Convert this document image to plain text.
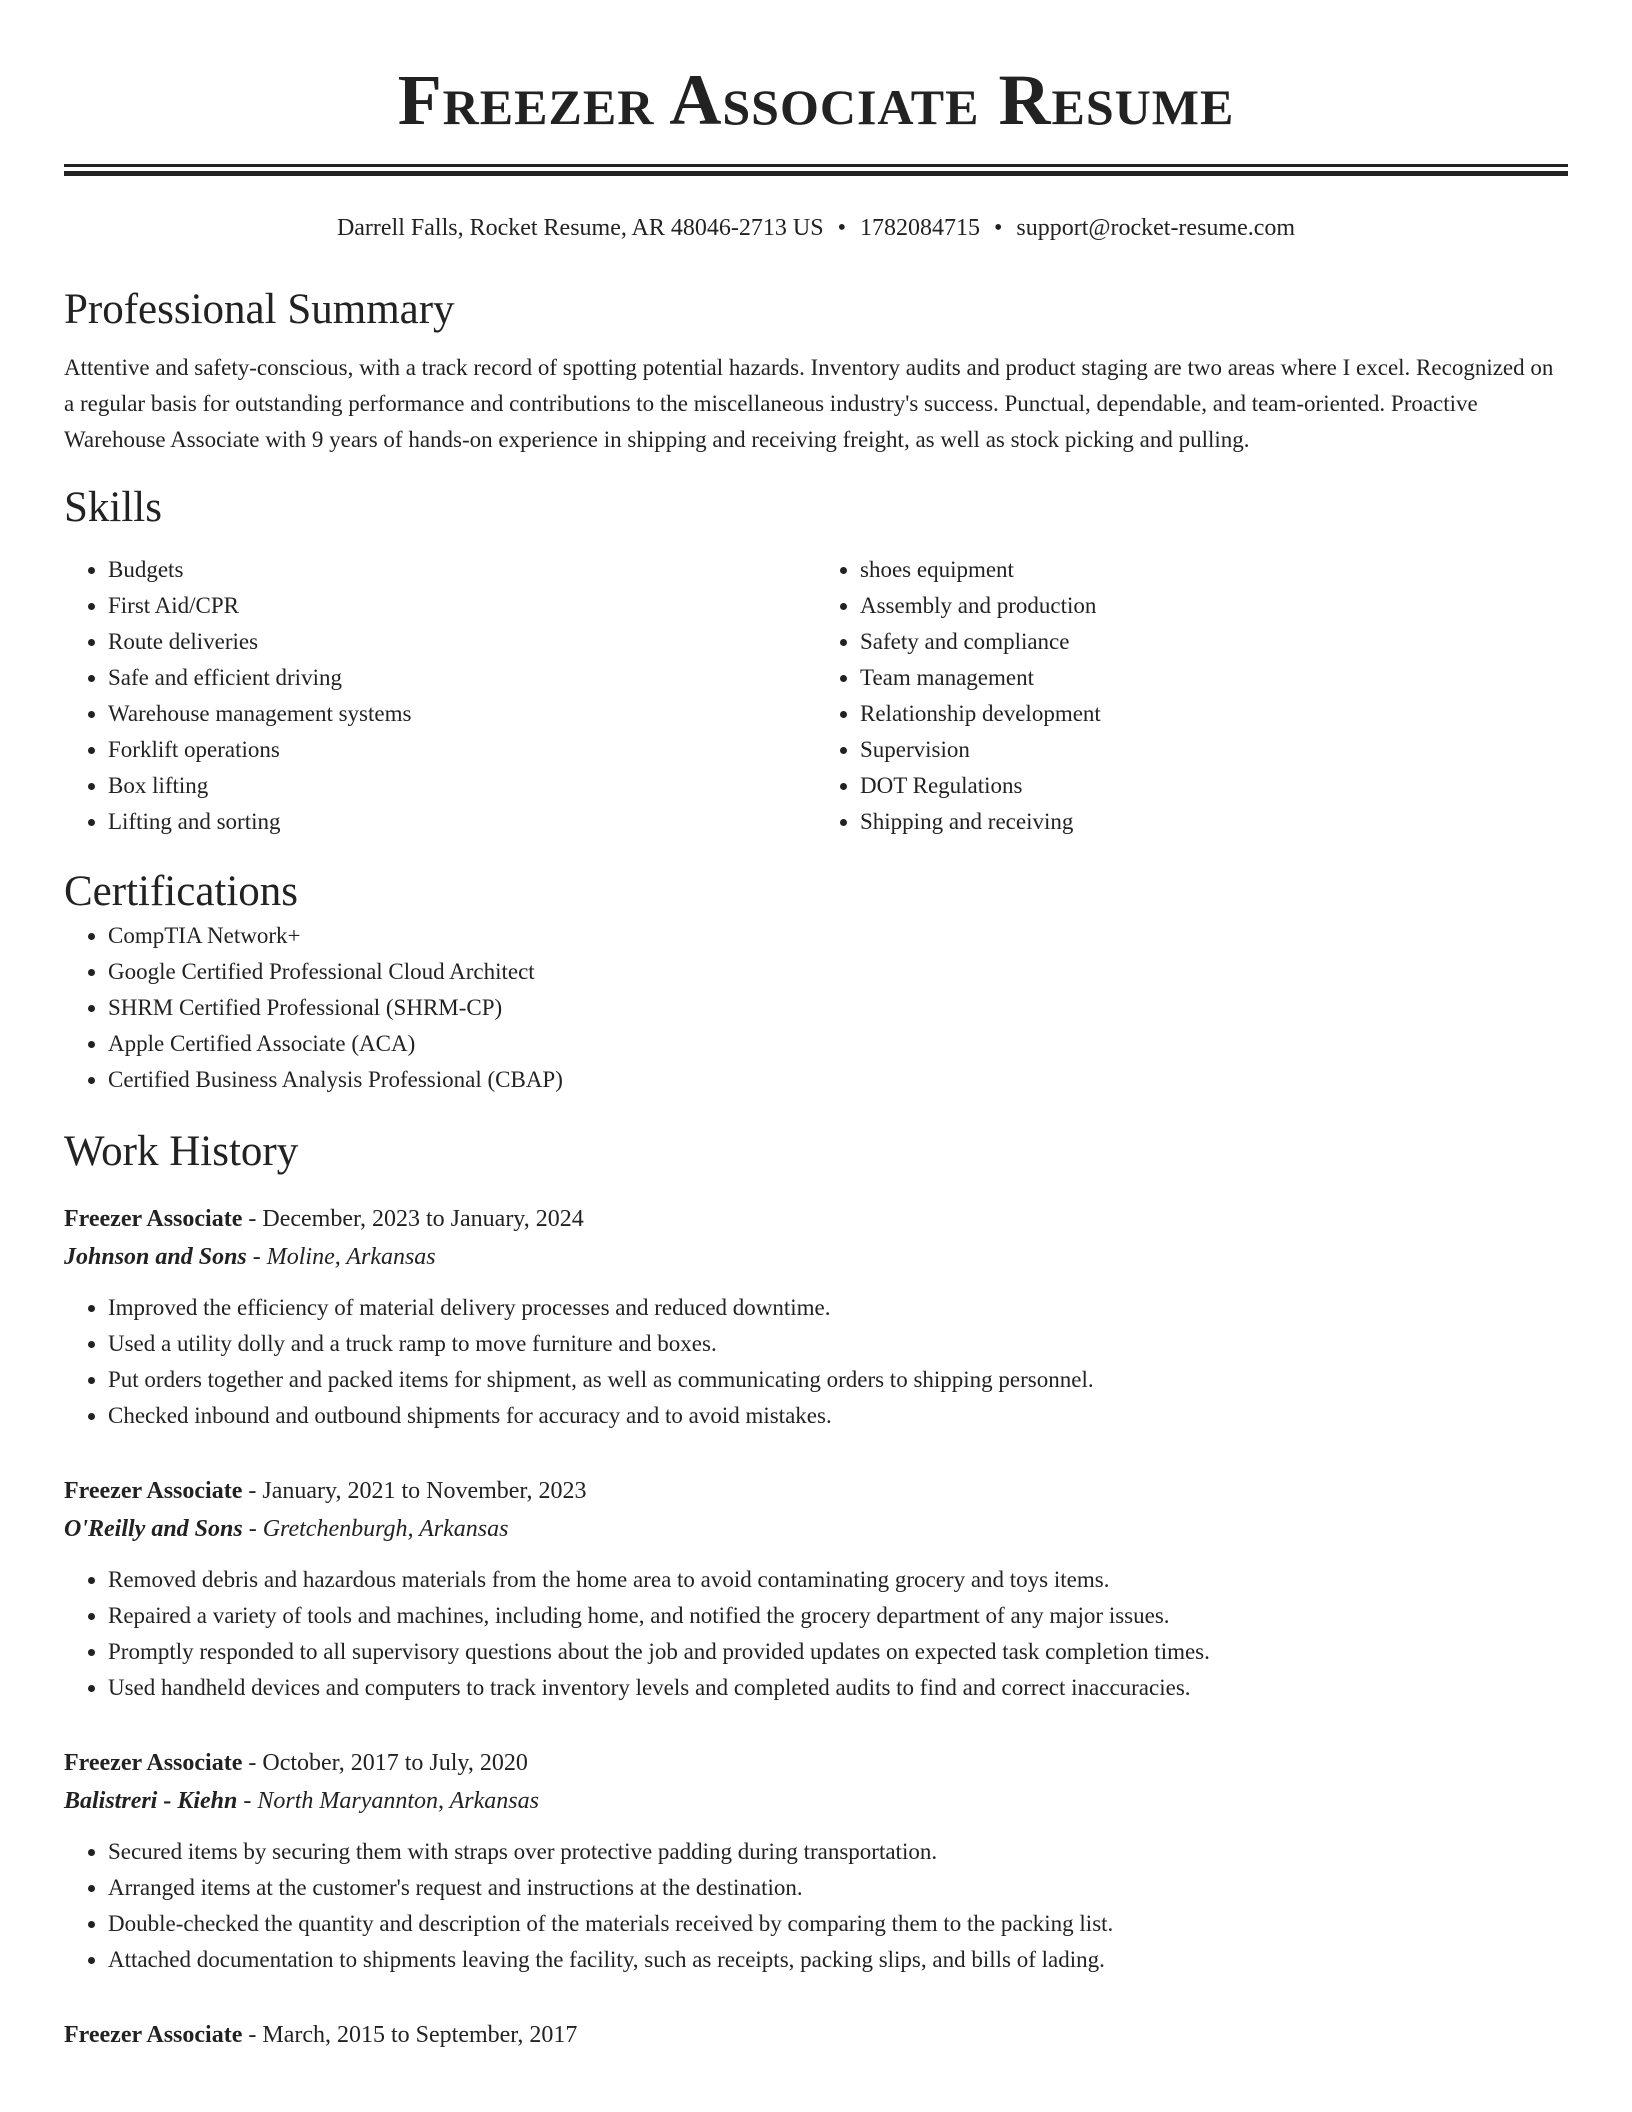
Freezer Associate Resume
Darrell Falls, Rocket Resume, AR 48046-2713 US • 1782084715 • support@rocket-resume.com
Professional Summary
Attentive and safety-conscious, with a track record of spotting potential hazards. Inventory audits and product staging are two areas where I excel. Recognized on a regular basis for outstanding performance and contributions to the miscellaneous industry's success. Punctual, dependable, and team-oriented. Proactive Warehouse Associate with 9 years of hands-on experience in shipping and receiving freight, as well as stock picking and pulling.
Skills
• Budgets
• First Aid/CPR
• Route deliveries
• Safe and efficient driving
• Warehouse management systems
• Forklift operations
• Box lifting
• Lifting and sorting
• shoes equipment
• Assembly and production
• Safety and compliance
• Team management
• Relationship development
• Supervision
• DOT Regulations
• Shipping and receiving
Certifications
• CompTIA Network+
• Google Certified Professional Cloud Architect
• SHRM Certified Professional (SHRM-CP)
• Apple Certified Associate (ACA)
• Certified Business Analysis Professional (CBAP)
Work History
Freezer Associate - December, 2023 to January, 2024
Johnson and Sons - Moline, Arkansas
• Improved the efficiency of material delivery processes and reduced downtime.
• Used a utility dolly and a truck ramp to move furniture and boxes.
• Put orders together and packed items for shipment, as well as communicating orders to shipping personnel.
• Checked inbound and outbound shipments for accuracy and to avoid mistakes.
Freezer Associate - January, 2021 to November, 2023
O'Reilly and Sons - Gretchenburgh, Arkansas
• Removed debris and hazardous materials from the home area to avoid contaminating grocery and toys items.
• Repaired a variety of tools and machines, including home, and notified the grocery department of any major issues.
• Promptly responded to all supervisory questions about the job and provided updates on expected task completion times.
• Used handheld devices and computers to track inventory levels and completed audits to find and correct inaccuracies.
Freezer Associate - October, 2017 to July, 2020
Balistreri - Kiehn - North Maryannton, Arkansas
• Secured items by securing them with straps over protective padding during transportation.
• Arranged items at the customer's request and instructions at the destination.
• Double-checked the quantity and description of the materials received by comparing them to the packing list.
• Attached documentation to shipments leaving the facility, such as receipts, packing slips, and bills of lading.
Freezer Associate - March, 2015 to September, 2017
